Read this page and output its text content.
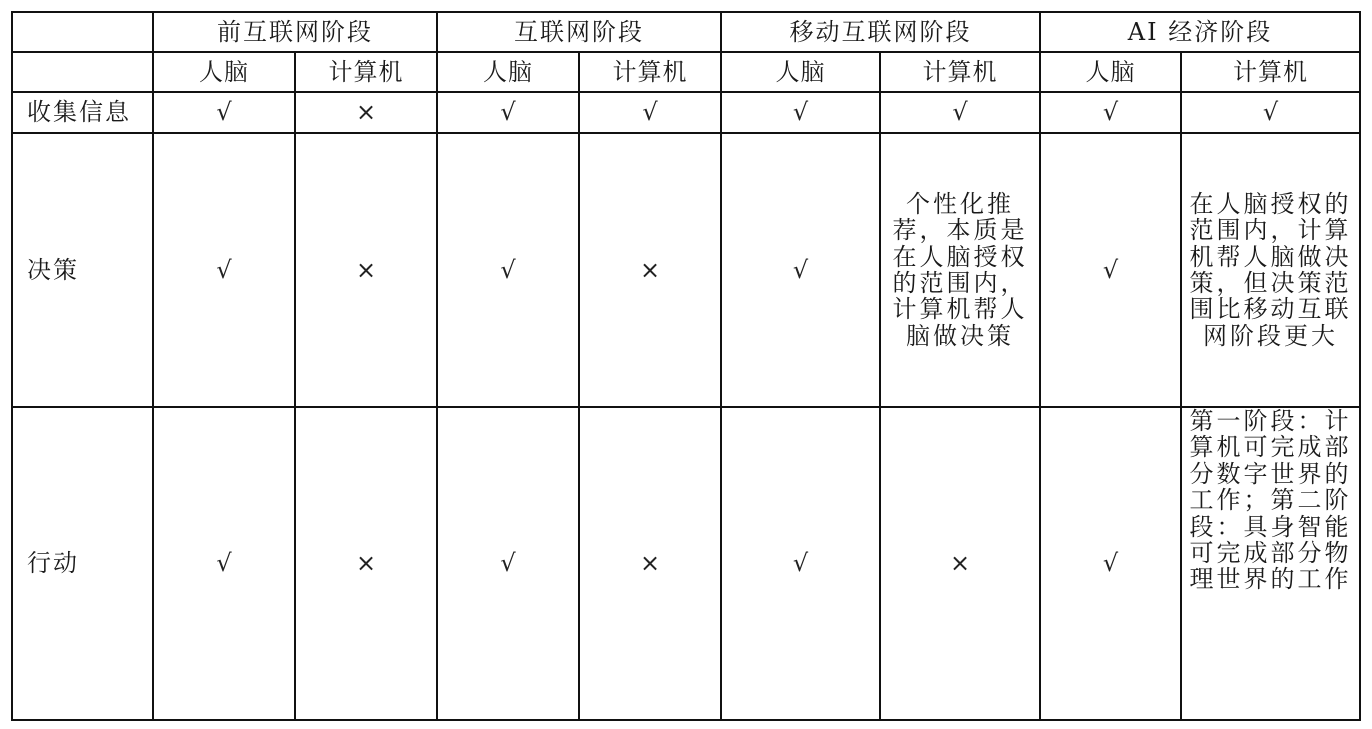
	前互联网阶段		互联网阶段		移动互联网阶段		AI 经济阶段	
	人脑	计算机	人脑	计算机	人脑	计算机	人脑	计算机
收集信息	√	×	√	√	√	√	√	√
决策	√	×	√	×	√	个性化推荐，本质是在人脑授权的范围内，计算机帮人脑做决策	√	在人脑授权的范围内，计算机帮人脑做决策，但决策范围比移动互联网阶段更大
行动	√	×	√	×	√	×	√	第一阶段：计算机可完成部分数字世界的工作；第二阶段：具身智能可完成部分物理世界的工作
